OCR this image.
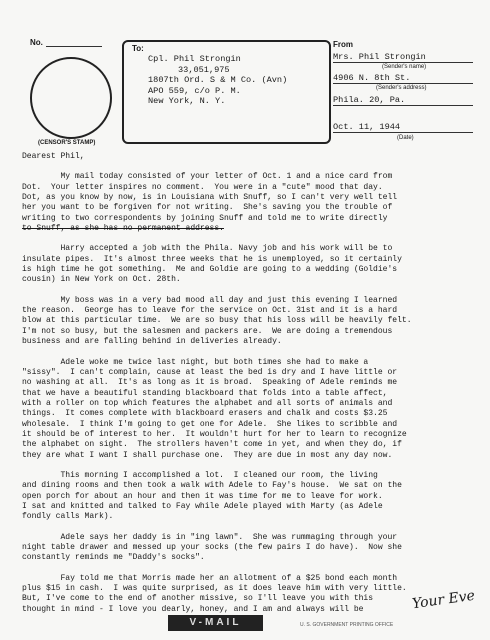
No.
(CENSOR'S STAMP)
To:
Cpl. Phil Strongin
33,051,975
1807th Ord. S & M Co. (Avn)
APO 559, c/o P. M.
New York, N. Y.
From
Mrs. Phil Strongin
(Sender's name)
4906 N. 8th St.
(Sender's address)
Phila. 20, Pa.
Oct. 11, 1944
(Date)
Dearest Phil,
My mail today consisted of your letter of Oct. 1 and a nice card from
Dot.  Your letter inspires no comment.  You were in a "cute" mood that day.
Dot, as you know by now, is in Louisiana with Snuff, so I can't very well tell
her you want to be forgiven for not writing.  She's saving you the trouble of
writing to two correspondents by joining Snuff and told me to write directly
to Snuff, as she has no permanent address.
Harry accepted a job with the Phila. Navy job and his work will be to
insulate pipes.  It's almost three weeks that he is unemployed, so it certainly
is high time he got something.  Me and Goldie are going to a wedding (Goldie's
cousin) in New York on Oct. 28th.
My boss was in a very bad mood all day and just this evening I learned
the reason.  George has to leave for the service on Oct. 31st and it is a hard
blow at this particular time.  We are so busy that his loss will be heavily felt.
I'm not so busy, but the salesmen and packers are.  We are doing a tremendous
business and are falling behind in deliveries already.
Adele woke me twice last night, but both times she had to make a
"sissy".  I can't complain, cause at least the bed is dry and I have little or
no washing at all.  It's as long as it is broad.  Speaking of Adele reminds me
that we have a beautiful standing blackboard that folds into a table affect,
with a roller on top which features the alphabet and all sorts of animals and
things.  It comes complete with blackboard erasers and chalk and costs $3.25
wholesale.  I think I'm going to get one for Adele.  She likes to scribble and
it should be of interest to her.  It wouldn't hurt for her to learn to recognize
the alphabet on sight.  The strollers haven't come in yet, and when they do, if
they are what I want I shall purchase one.  They are due in most any day now.
This morning I accomplished a lot.  I cleaned our room, the living
and dining rooms and then took a walk with Adele to Fay's house.  We sat on the
open porch for about an hour and then it was time for me to leave for work.
I sat and knitted and talked to Fay while Adele played with Marty (as Adele
fondly calls Mark).
Adele says her daddy is in "ing lawn".  She was rummaging through your
night table drawer and messed up your socks (the few pairs I do have).  Now she
constantly reminds me "Daddy's socks".
Fay told me that Morris made her an allotment of a $25 bond each month
plus $15 in cash.  I was quite surprised, as it does leave him with very little.
But, I've come to the end of another missive, so I'll leave you with this
thought in mind - I love you dearly, honey, and I am and always will be	Your Eve
V-MAIL	U. S. GOVERNMENT PRINTING OFFICE
